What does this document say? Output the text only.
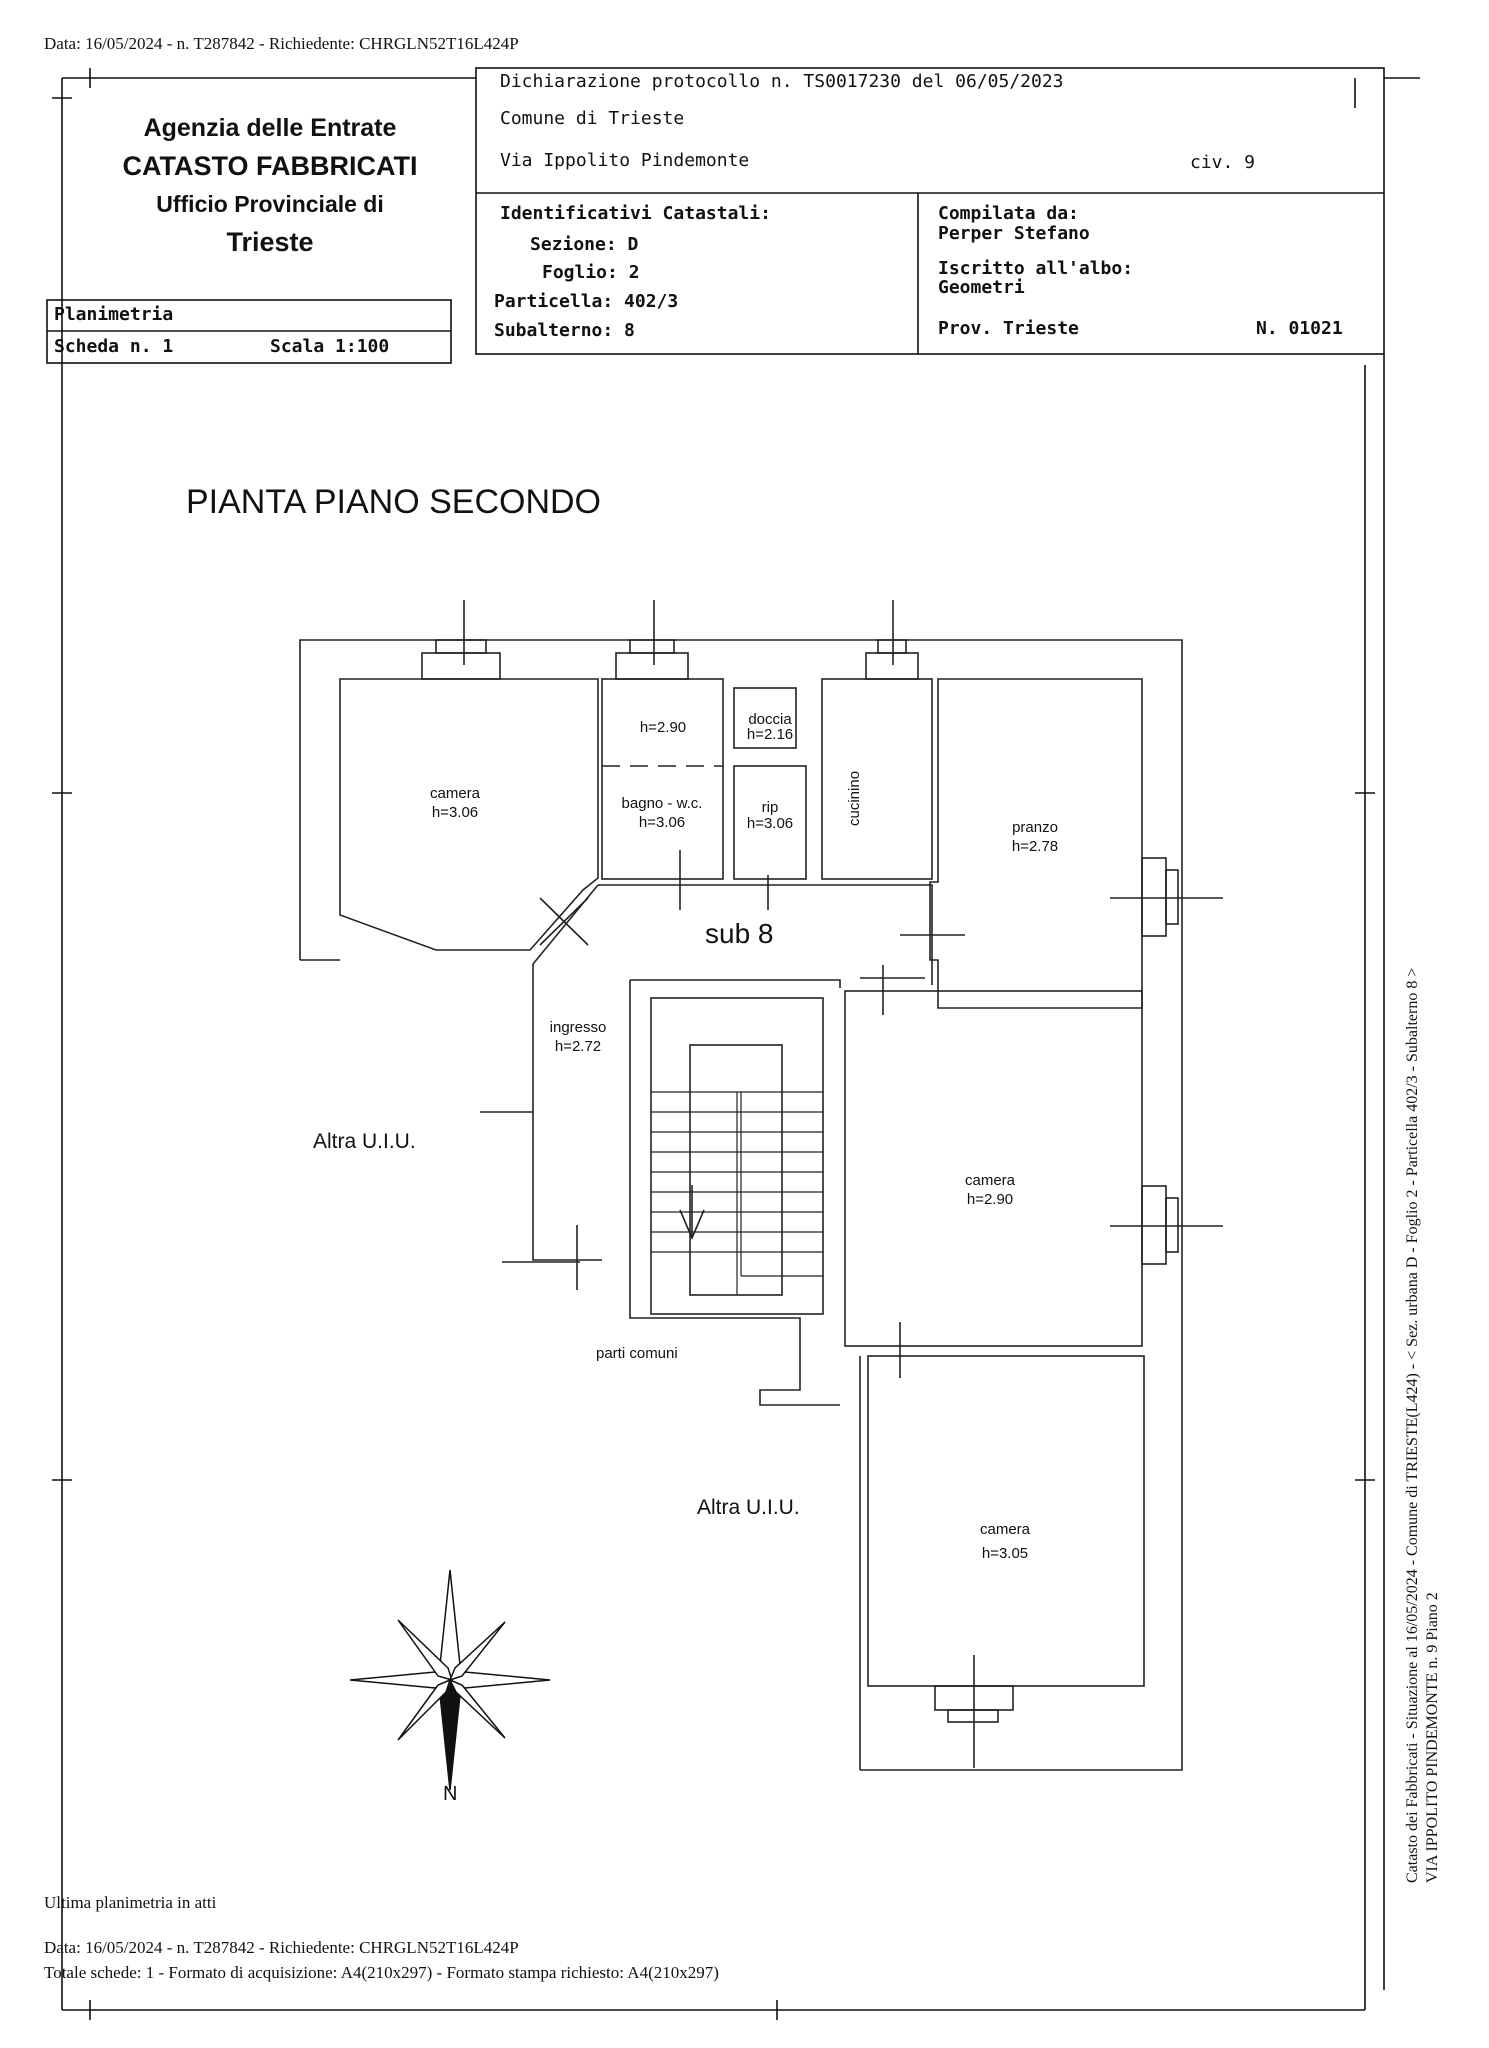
Data: 16/05/2024 - n. T287842 - Richiedente: CHRGLN52T16L424P
Agenzia delle Entrate
CATASTO FABBRICATI
Ufficio Provinciale di
Trieste
Dichiarazione protocollo n. TS0017230 del 06/05/2023
Comune di Trieste
Via Ippolito Pindemonte	civ. 9
Identificativi Catastali:
Sezione: D
Foglio: 2
Particella: 402/3
Subalterno: 8
Compilata da:
Perper Stefano
Iscritto all'albo:
Geometri
Prov. Trieste	N. 01021
Planimetria
Scheda n. 1	Scala 1:100
PIANTA PIANO SECONDO
camera
h=3.06
h=2.90	doccia
h=2.16
bagno - w.c.
h=3.06
rip
h=3.06	cucinino
pranzo
h=2.78
sub 8
ingresso
h=2.72
camera
h=2.90
camera
h=3.05
Altra U.I.U.
Altra U.I.U.
parti comuni
N
Ultima planimetria in atti
Data: 16/05/2024 - n. T287842 - Richiedente: CHRGLN52T16L424P
Totale schede: 1 - Formato di acquisizione: A4(210x297) - Formato stampa richiesto: A4(210x297)
Catasto dei Fabbricati - Situazione al 16/05/2024 - Comune di TRIESTE(L424) - < Sez. urbana D - Foglio 2 - Particella 402/3 - Subalterno 8 > VIA IPPOLITO PINDEMONTE n. 9 Piano 2
